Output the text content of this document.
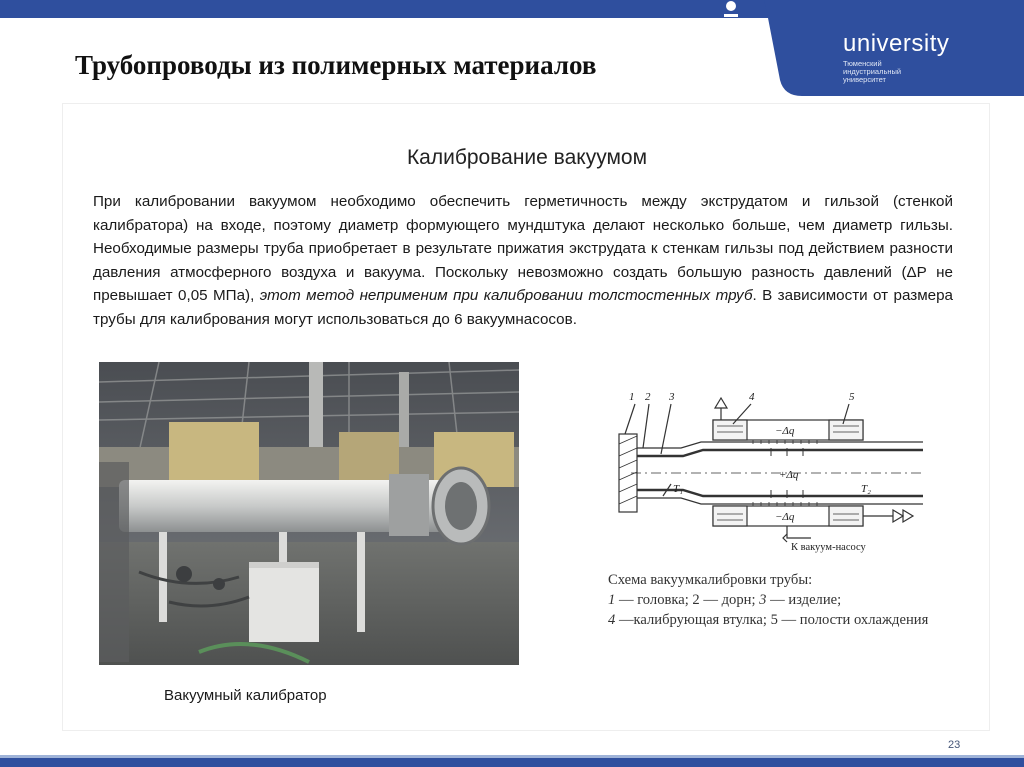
university
Тюменский индустриальный университет
Трубопроводы из полимерных материалов
Калибрование вакуумом
При калибровании вакуумом необходимо обеспечить герметичность между экструдатом и гильзой (стенкой калибратора) на входе, поэтому диаметр формующего мундштука делают несколько больше, чем диаметр гильзы. Необходимые размеры труба приобретает в результате прижатия экструдата к стенкам гильзы под действием разности давления атмосферного воздуха и вакуума. Поскольку невозможно создать большую разность давлений (ΔP не превышает 0,05 МПа), этот метод неприменим при калибровании толстостенных труб. В зависимости от размера трубы для калибрования могут использоваться до 6 вакуумнасосов.
Вакуумный калибратор
1 2 3	4	5
−Δq
+Δq
−Δq
T₁	T₂
К вакуум-насосу
Схема вакуумкалибровки трубы:
1 — головка; 2 — дорн; 3 — изделие;
4 —калибрующая втулка; 5 — полости охлаждения
23
